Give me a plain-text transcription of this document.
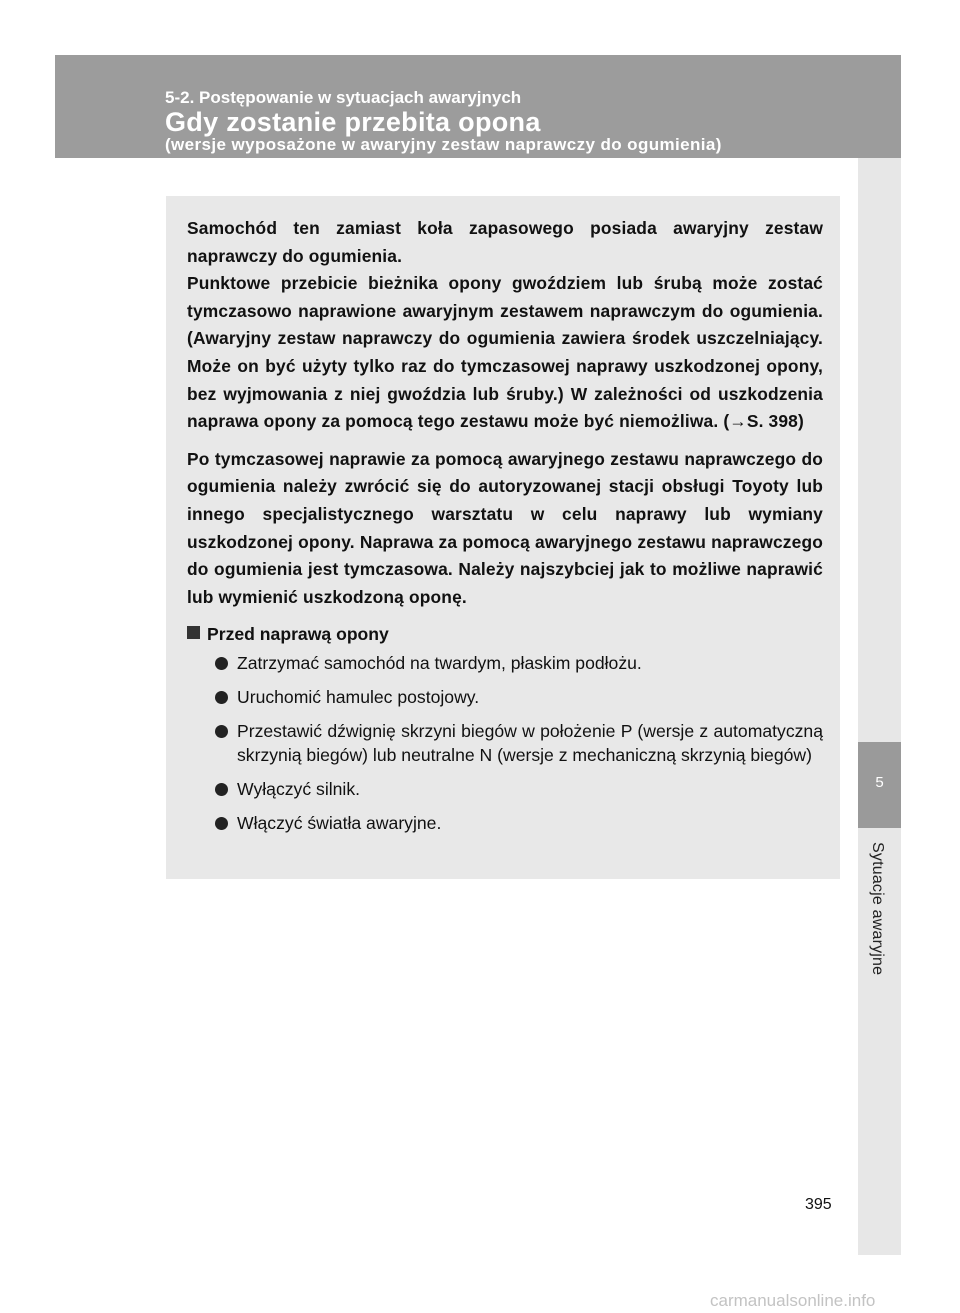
5-2. Postępowanie w sytuacjach awaryjnych
Gdy zostanie przebita opona
(wersje wyposażone w awaryjny zestaw naprawczy do ogumienia)
5
Sytuacje awaryjne

Samochód ten zamiast koła zapasowego posiada awaryjny zestaw naprawczy do ogumienia.

Punktowe przebicie bieżnika opony gwoździem lub śrubą może zostać tymczasowo naprawione awaryjnym zestawem naprawczym do ogumienia. (Awaryjny zestaw naprawczy do ogumienia zawiera środek uszczelniający. Może on być użyty tylko raz do tymczasowej naprawy uszkodzonej opony, bez wyjmowania z niej gwoździa lub śruby.) W zależności od uszkodzenia naprawa opony za pomocą tego zestawu może być niemożliwa. (→S. 398)

Po tymczasowej naprawie za pomocą awaryjnego zestawu naprawczego do ogumienia należy zwrócić się do autoryzowanej stacji obsługi Toyoty lub innego specjalistycznego warsztatu w celu naprawy lub wymiany uszkodzonej opony. Naprawa za pomocą awaryjnego zestawu naprawczego do ogumienia jest tymczasowa. Należy najszybciej jak to możliwe naprawić lub wymienić uszkodzoną oponę.

Przed naprawą opony
Zatrzymać samochód na twardym, płaskim podłożu.
Uruchomić hamulec postojowy.
Przestawić dźwignię skrzyni biegów w położenie P (wersje z automatyczną skrzynią biegów) lub neutralne N (wersje z mechaniczną skrzynią biegów)
Wyłączyć silnik.
Włączyć światła awaryjne.
395
carmanualsonline.info
